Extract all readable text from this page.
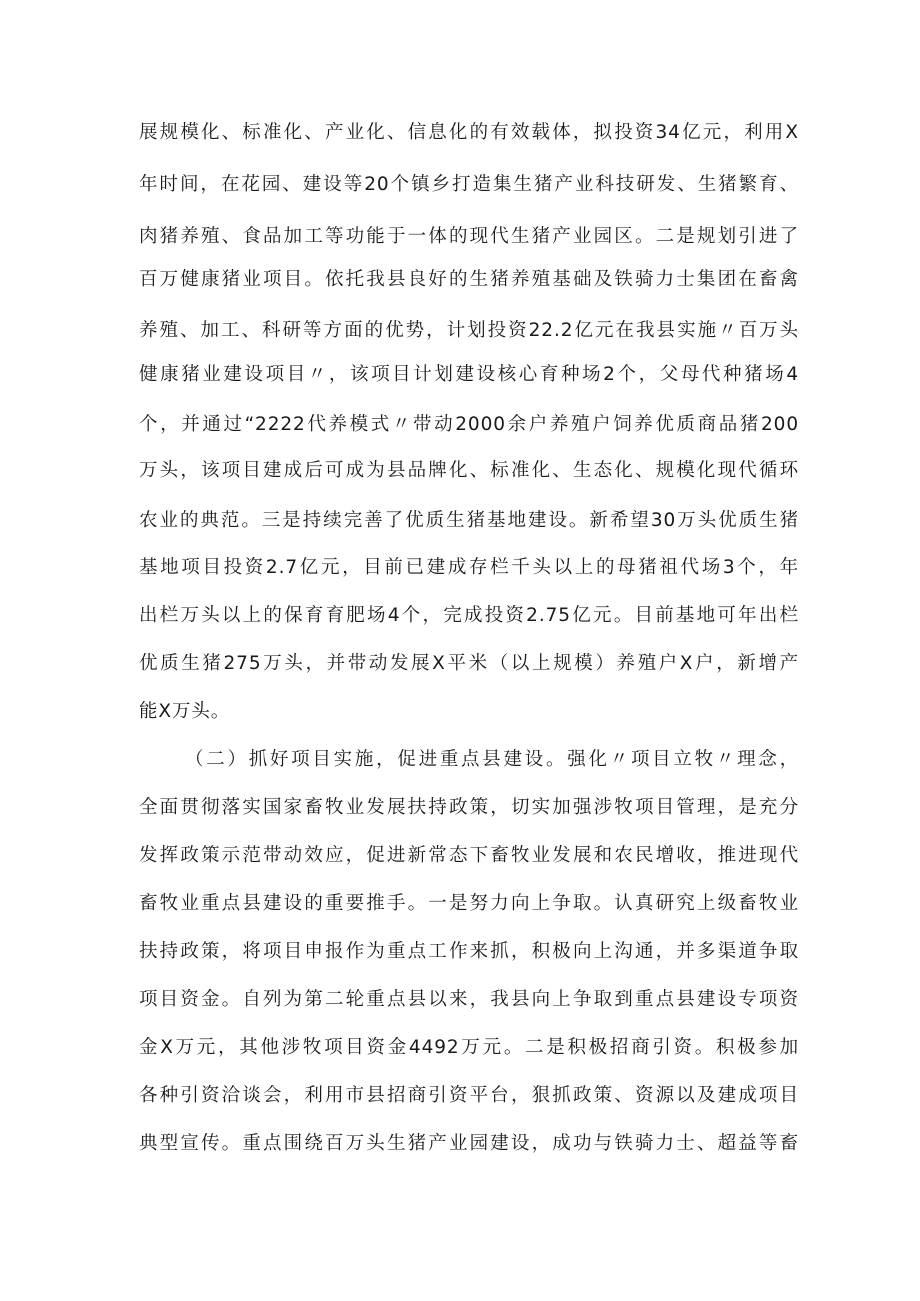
展规模化、标准化、产业化、信息化的有效载体，拟投资34亿元，利用X
年时间，在花园、建设等20个镇乡打造集生猪产业科技研发、生猪繁育、
肉猪养殖、食品加工等功能于一体的现代生猪产业园区。二是规划引进了
百万健康猪业项目。依托我县良好的生猪养殖基础及铁骑力士集团在畜禽
养殖、加工、科研等方面的优势，计划投资22.2亿元在我县实施〃百万头
健康猪业建设项目〃，该项目计划建设核心育种场2个，父母代种猪场4
个，并通过“2222代养模式〃带动2000余户养殖户饲养优质商品猪200
万头，该项目建成后可成为县品牌化、标准化、生态化、规模化现代循环
农业的典范。三是持续完善了优质生猪基地建设。新希望30万头优质生猪
基地项目投资2.7亿元，目前已建成存栏千头以上的母猪祖代场3个，年
出栏万头以上的保育育肥场4个，完成投资2.75亿元。目前基地可年出栏
优质生猪275万头，并带动发展X平米（以上规模）养殖户X户，新增产
能X万头。
（二）抓好项目实施，促进重点县建设。强化〃项目立牧〃理念，
全面贯彻落实国家畜牧业发展扶持政策，切实加强涉牧项目管理，是充分
发挥政策示范带动效应，促进新常态下畜牧业发展和农民增收，推进现代
畜牧业重点县建设的重要推手。一是努力向上争取。认真研究上级畜牧业
扶持政策，将项目申报作为重点工作来抓，积极向上沟通，并多渠道争取
项目资金。自列为第二轮重点县以来，我县向上争取到重点县建设专项资
金X万元，其他涉牧项目资金4492万元。二是积极招商引资。积极参加
各种引资洽谈会，利用市县招商引资平台，狠抓政策、资源以及建成项目
典型宣传。重点围绕百万头生猪产业园建设，成功与铁骑力士、超益等畜
